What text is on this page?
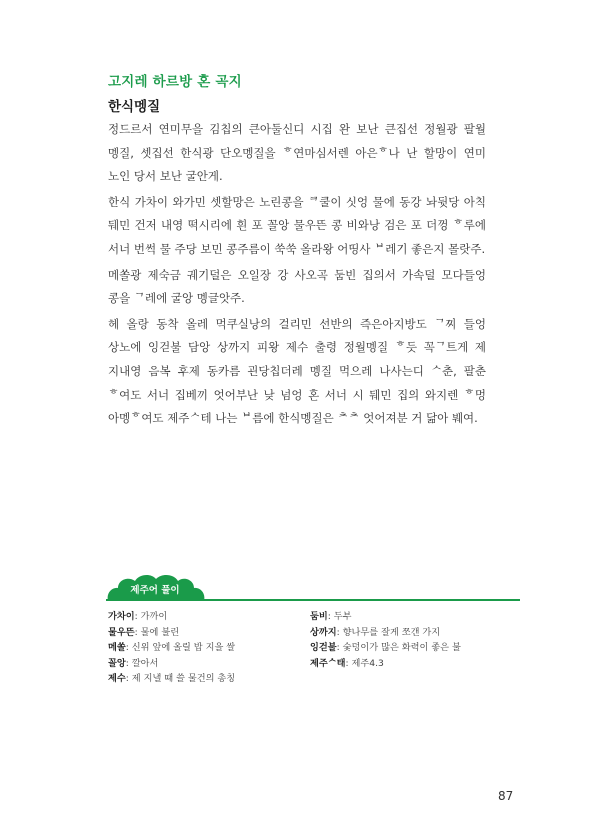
고지레 하르방 혼 곡지
한식멩질

정드르서 연미무을 김칩의 큰아둘신디 시집 완 보난 큰집선 정월광 팔월 멩질, 셋집선 한식광 단오멩질을 ᄒ연마심서렌 아은ᄒ나 난 할망이 연미 노인 당서 보난 굴안게.

한식 가차이 와가민 셋할망은 노린콩을 ᄏ쿨이 싯엉 물에 동강 놔뒷당 아칙 뒈민 건저 내영 떡시리에 흰 포 꼴앙 물우뜬 콩 비와낭 검은 포 더껑 ᄒ루에 서너 번썩 물 주당 보민 콩주름이 쑥쑥 올라왕 어띵사 ᄇ레기 좋은지 몰랏주.

메쏠광 제숙금 궤기덜은 오일장 강 사오곡 둠빈 집의서 가속덜 모다들엉 콩을 ᄀ레에 굴앙 멩글앗주.

헤 올랑 동착 올레 먹쿠실낭의 걸리민 선반의 즉은아지방도 ᄀ찌 들엉 상노에 잉걷불 담앙 상까지 피왕 제수 출령 정월멩질 ᄒ듯 꼭ᄀ트게 제 지내영 음복 후제 동카름 괸당칩더레 멩질 먹으레 나사는디 ᄉ춘, 팔춘 ᄒ여도 서너 집베끼 엇어부난 낮 넘엉 혼 서너 시 뒈민 집의 와지렌 ᄒ멍 아멩ᄒ여도 제주ᄉ테 나는 ᄇ름에 한식멩질은 ᄎᄎ 엇어져분 거 닮아 붸여.

제주어 풀이
가차이: 가까이
물우뜬: 물에 불린
메쏠: 신위 앞에 올릴 밥 지을 쌀
꼴앙: 깔아서
제수: 제 지낼 때 쓸 물건의 총칭
둠비: 두부
상까지: 향나무를 잘게 쪼갠 가지
잉걷불: 숯덩이가 많은 화력이 좋은 불
제주ᄉ태: 제주4.3
87
